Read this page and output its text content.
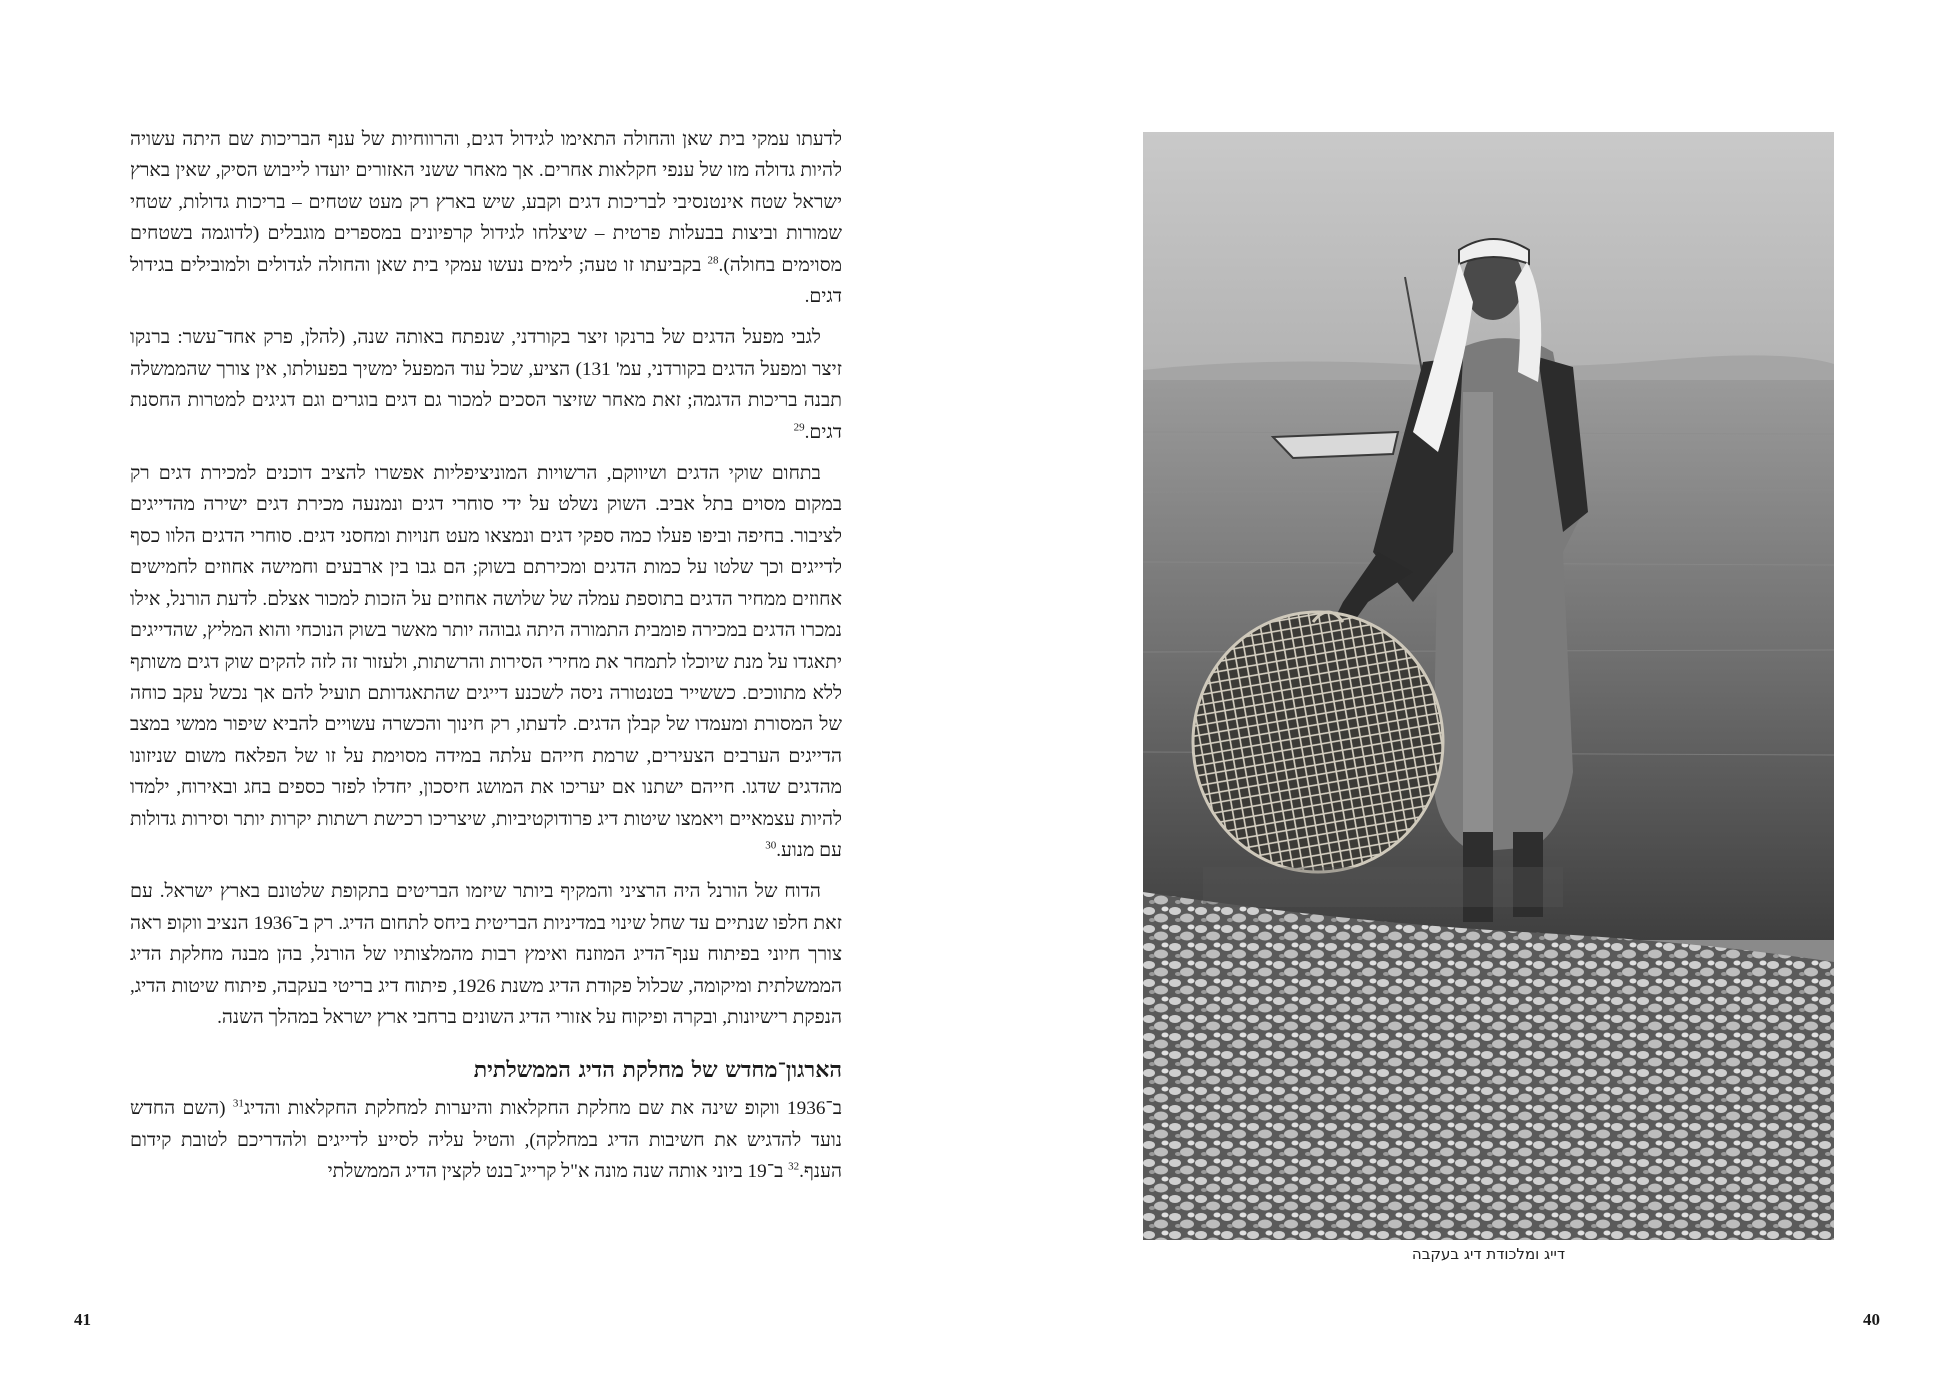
לדעתו עמקי בית שאן והחולה התאימו לגידול דגים, והרווחיות של ענף הבריכות שם היתה עשויה להיות גדולה מזו של ענפי חקלאות אחרים. אך מאחר ששני האזורים יועדו לייבוש הסיק, שאין בארץ ישראל שטח אינטנסיבי לבריכות דגים וקבע, שיש בארץ רק מעט שטחים – בריכות גדולות, שטחי שמורות וביצות בבעלות פרטית – שיצלחו לגידול קרפיונים במספרים מוגבלים (לדוגמה בשטחים מסוימים בחולה).$^{28}$ בקביעתו זו טעה; לימים נעשו עמקי בית שאן והחולה לגדולים ולמובילים בגידול דגים.

לגבי מפעל הדגים של ברנקו זיצר בקורדני, שנפתח באותה שנה, (להלן, פרק אחד־עשר: ברנקו זיצר ומפעל הדגים בקורדני, עמ' 131) הציע, שכל עוד המפעל ימשיך בפעולתו, אין צורך שהממשלה תבנה בריכות הדגמה; זאת מאחר שזיצר הסכים למכור גם דגים בוגרים וגם דגיגים למטרות החסנת דגים.$^{29}$

בתחום שוקי הדגים ושיווקם, הרשויות המוניציפליות אפשרו להציב דוכנים למכירת דגים רק במקום מסוים בתל אביב. השוק נשלט על ידי סוחרי דגים ונמנעה מכירת דגים ישירה מהדייגים לציבור. בחיפה וביפו פעלו כמה ספקי דגים ונמצאו מעט חנויות ומחסני דגים. סוחרי הדגים הלוו כסף לדייגים וכך שלטו על כמות הדגים ומכירתם בשוק; הם גבו בין ארבעים וחמישה אחוזים לחמישים אחוזים ממחיר הדגים בתוספת עמלה של שלושה אחוזים על הזכות למכור אצלם. לדעת הורנל, אילו נמכרו הדגים במכירה פומבית התמורה היתה גבוהה יותר מאשר בשוק הנוכחי והוא המליץ, שהדייגים יתאגדו על מנת שיוכלו לתמחר את מחירי הסירות והרשתות, ולעזור זה לזה להקים שוק דגים משותף ללא מתווכים. כששייר בטנטורה ניסה לשכנע דייגים שהתאגדותם תועיל להם אך נכשל עקב כוחה של המסורת ומעמדו של קבלן הדגים. לדעתו, רק חינוך והכשרה עשויים להביא שיפור ממשי במצב הדייגים הערבים הצעירים, שרמת חייהם עלתה במידה מסוימת על זו של הפלאח משום שניזונו מהדגים שדגו. חייהם ישתנו אם יעריכו את המושג חיסכון, יחדלו לפזר כספים בחג ובאירוח, ילמדו להיות עצמאיים ויאמצו שיטות דיג פרודוקטיביות, שיצריכו רכישת רשתות יקרות יותר וסירות גדולות עם מנוע.$^{30}$

הדוח של הורנל היה הרציני והמקיף ביותר שיזמו הבריטים בתקופת שלטונם בארץ ישראל. עם זאת חלפו שנתיים עד שחל שינוי במדיניות הבריטית ביחס לתחום הדיג. רק ב־1936 הנציב ווקופ ראה צורך חיוני בפיתוח ענף־הדיג המוזנח ואימץ רבות מהמלצותיו של הורנל, בהן מבנה מחלקת הדיג הממשלתית ומיקומה, שכלול פקודת הדיג משנת 1926, פיתוח דיג בריטי בעקבה, פיתוח שיטות הדיג, הנפקת רישיונות, ובקרה ופיקוח על אזורי הדיג השונים ברחבי ארץ ישראל במהלך השנה.

הארגון־מחדש של מחלקת הדיג הממשלתית

ב־1936 ווקופ שינה את שם מחלקת החקלאות והיערות למחלקת החקלאות והדיג$^{31}$ (השם החדש נועד להדגיש את חשיבות הדיג במחלקה), והטיל עליה לסייע לדייגים ולהדריכם לטובת קידום הענף.$^{32}$ ב־19 ביוני אותה שנה מונה א"ל קרייג־בנט לקצין הדיג הממשלתי

41
דייג ומלכודת דיג בעקבה
40
